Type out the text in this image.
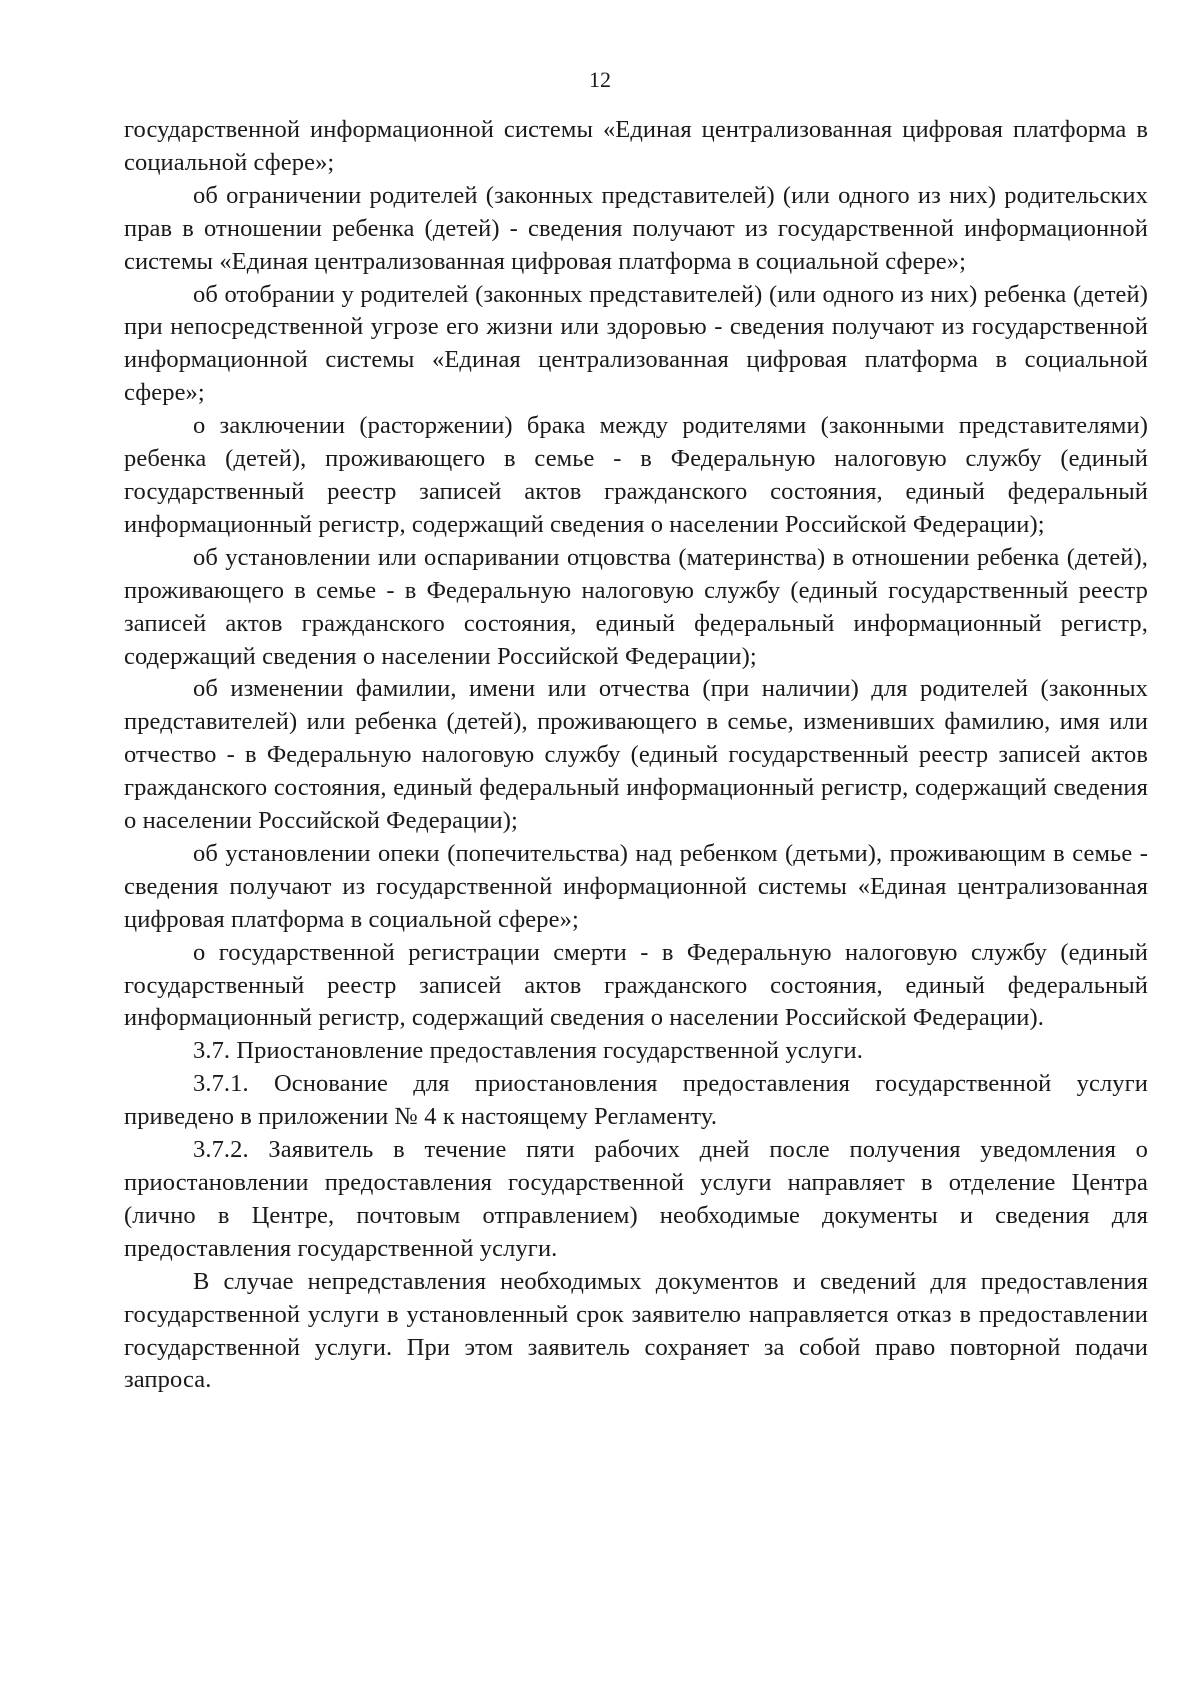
12

государственной информационной системы «Единая централизованная цифровая платформа в социальной сфере»;

об ограничении родителей (законных представителей) (или одного из них) родительских прав в отношении ребенка (детей) - сведения получают из государственной информационной системы «Единая централизованная цифровая платформа в социальной сфере»;

об отобрании у родителей (законных представителей) (или одного из них) ребенка (детей) при непосредственной угрозе его жизни или здоровью - сведения получают из государственной информационной системы «Единая централизованная цифровая платформа в социальной сфере»;

о заключении (расторжении) брака между родителями (законными представителями) ребенка (детей), проживающего в семье - в Федеральную налоговую службу (единый государственный реестр записей актов гражданского состояния, единый федеральный информационный регистр, содержащий сведения о населении Российской Федерации);

об установлении или оспаривании отцовства (материнства) в отношении ребенка (детей), проживающего в семье - в Федеральную налоговую службу (единый государственный реестр записей актов гражданского состояния, единый федеральный информационный регистр, содержащий сведения о населении Российской Федерации);

об изменении фамилии, имени или отчества (при наличии) для родителей (законных представителей) или ребенка (детей), проживающего в семье, изменивших фамилию, имя или отчество - в Федеральную налоговую службу (единый государственный реестр записей актов гражданского состояния, единый федеральный информационный регистр, содержащий сведения о населении Российской Федерации);

об установлении опеки (попечительства) над ребенком (детьми), проживающим в семье - сведения получают из государственной информационной системы «Единая централизованная цифровая платформа в социальной сфере»;

о государственной регистрации смерти - в Федеральную налоговую службу (единый государственный реестр записей актов гражданского состояния, единый федеральный информационный регистр, содержащий сведения о населении Российской Федерации).

3.7. Приостановление предоставления государственной услуги.

3.7.1. Основание для приостановления предоставления государственной услуги приведено в приложении № 4 к настоящему Регламенту.

3.7.2. Заявитель в течение пяти рабочих дней после получения уведомления о приостановлении предоставления государственной услуги направляет в отделение Центра (лично в Центре, почтовым отправлением) необходимые документы и сведения для предоставления государственной услуги.

В случае непредставления необходимых документов и сведений для предоставления государственной услуги в установленный срок заявителю направляется отказ в предоставлении государственной услуги. При этом заявитель сохраняет за собой право повторной подачи запроса.
